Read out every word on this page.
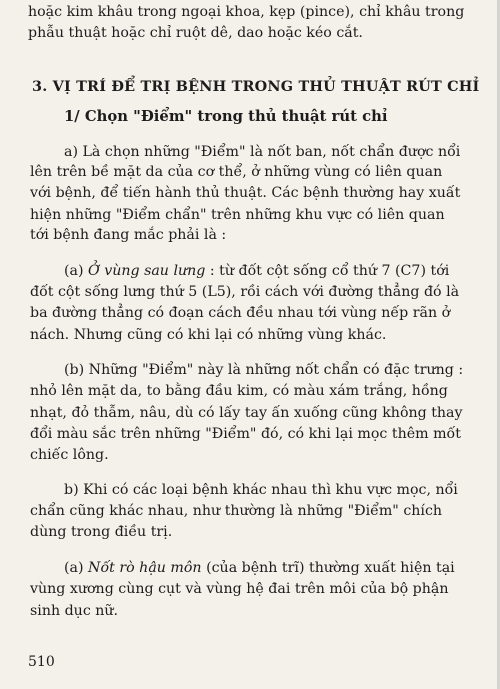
hoặc kim khâu trong ngoại khoa, kẹp (pince), chỉ khâu trong
phẫu thuật hoặc chỉ ruột dê, dao hoặc kéo cắt.
3. VỊ TRÍ ĐỂ TRỊ BỆNH TRONG THỦ THUẬT RÚT CHỈ
1/ Chọn "Điểm" trong thủ thuật rút chỉ
a) Là chọn những "Điểm" là nốt ban, nốt chẩn được nổi
lên trên bề mặt da của cơ thể, ở những vùng có liên quan
với bệnh, để tiến hành thủ thuật. Các bệnh thường hay xuất
hiện những "Điểm chẩn" trên những khu vực có liên quan
tới bệnh đang mắc phải là :
(a) Ở vùng sau lưng : từ đốt cột sống cổ thứ 7 (C7) tới
đốt cột sống lưng thứ 5 (L5), rồi cách với đường thẳng đó là
ba đường thẳng có đoạn cách đều nhau tới vùng nếp rãn ở
nách. Nhưng cũng có khi lại có những vùng khác.
(b) Những "Điểm" này là những nốt chẩn có đặc trưng :
nhỏ lên mặt da, to bằng đầu kim, có màu xám trắng, hồng
nhạt, đỏ thẫm, nâu, dù có lấy tay ấn xuống cũng không thay
đổi màu sắc trên những "Điểm" đó, có khi lại mọc thêm mốt
chiếc lông.
b) Khi có các loại bệnh khác nhau thì khu vực mọc, nổi
chẩn cũng khác nhau, như thường là những "Điểm" chích
dùng trong điều trị.
(a) Nốt rò hậu môn (của bệnh trĩ) thường xuất hiện tại
vùng xương cùng cụt và vùng hệ đai trên môi của bộ phận
sinh dục nữ.
510
